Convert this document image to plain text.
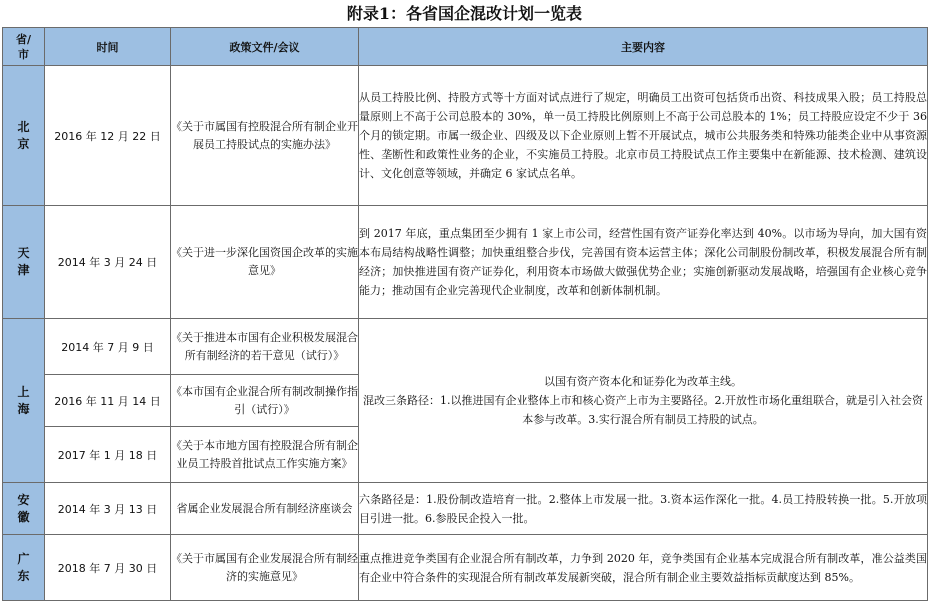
附录1：各省国企混改计划一览表
省/
市	时间	政策文件/会议	主要内容

北
京	2016 年 12 月 22 日	《关于市属国有控股混合所有制企业开展员工持股试点的实施办法》	从员工持股比例、持股方式等十方面对试点进行了规定，明确员工出资可包括货币出资、科技成果入股；员工持股总量原则上不高于公司总股本的 30%，单一员工持股比例原则上不高于公司总股本的 1%；员工持股应设定不少于 36 个月的锁定期。市属一级企业、四级及以下企业原则上暂不开展试点，城市公共服务类和特殊功能类企业中从事资源性、垄断性和政策性业务的企业，不实施员工持股。北京市员工持股试点工作主要集中在新能源、技术检测、建筑设计、文化创意等领域，并确定 6 家试点名单。

天
津	2014 年 3 月 24 日	《关于进一步深化国资国企改革的实施意见》	到 2017 年底，重点集团至少拥有 1 家上市公司，经营性国有资产证券化率达到 40%。以市场为导向，加大国有资本布局结构战略性调整；加快重组整合步伐，完善国有资本运营主体；深化公司制股份制改革，积极发展混合所有制经济；加快推进国有资产证券化，利用资本市场做大做强优势企业；实施创新驱动发展战略，培强国有企业核心竞争能力；推动国有企业完善现代企业制度，改革和创新体制机制。

上
海	2014 年 7 月 9 日	《关于推进本市国有企业积极发展混合所有制经济的若干意见（试行）》	以国有资产资本化和证券化为改革主线。
混改三条路径：1.以推进国有企业整体上市和核心资产上市为主要路径。2.开放性市场化重组联合，就是引入社会资本参与改革。3.实行混合所有制员工持股的试点。

	2016 年 11 月 14 日	《本市国有企业混合所有制改制操作指引（试行）》	
	2017 年 1 月 18 日	《关于本市地方国有控股混合所有制企业员工持股首批试点工作实施方案》	

安
徽	2014 年 3 月 13 日	省属企业发展混合所有制经济座谈会	六条路径是：1.股份制改造培育一批。2.整体上市发展一批。3.资本运作深化一批。4.员工持股转换一批。5.开放项目引进一批。6.参股民企投入一批。

广
东	2018 年 7 月 30 日	《关于市属国有企业发展混合所有制经济的实施意见》	重点推进竞争类国有企业混合所有制改革，力争到 2020 年，竞争类国有企业基本完成混合所有制改革，准公益类国有企业中符合条件的实现混合所有制改革发展新突破，混合所有制企业主要效益指标贡献度达到 85%。
